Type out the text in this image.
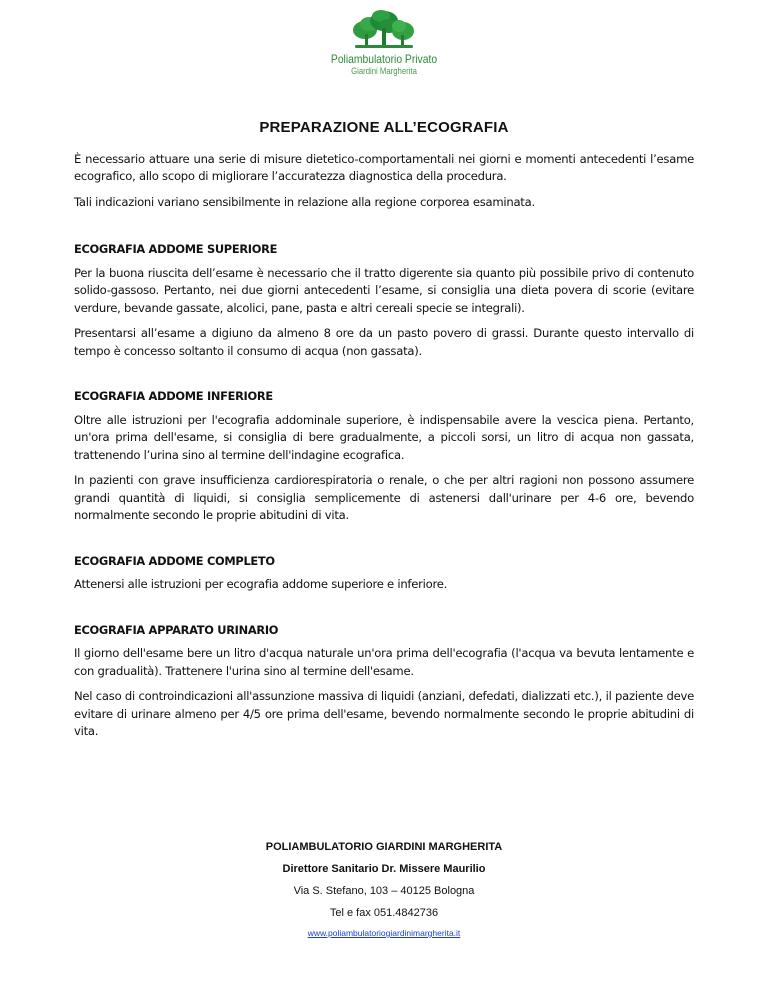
Poliambulatorio Privato
Giardini Margherita
PREPARAZIONE ALL’ECOGRAFIA

È necessario attuare una serie di misure dietetico-comportamentali nei giorni e momenti antecedenti l’esame ecografico, allo scopo di migliorare l’accuratezza diagnostica della procedura.

Tali indicazioni variano sensibilmente in relazione alla regione corporea esaminata.

ECOGRAFIA ADDOME SUPERIORE

Per la buona riuscita dell’esame è necessario che il tratto digerente sia quanto più possibile privo di contenuto solido-gassoso. Pertanto, nei due giorni antecedenti l’esame, si consiglia una dieta povera di scorie (evitare verdure, bevande gassate, alcolici, pane, pasta e altri cereali specie se integrali).

Presentarsi all’esame a digiuno da almeno 8 ore da un pasto povero di grassi. Durante questo intervallo di tempo è concesso soltanto il consumo di acqua (non gassata).

ECOGRAFIA ADDOME INFERIORE

Oltre alle istruzioni per l'ecografia addominale superiore, è indispensabile avere la vescica piena. Pertanto, un'ora prima dell'esame, si consiglia di bere gradualmente, a piccoli sorsi, un litro di acqua non gassata, trattenendo l’urina sino al termine dell'indagine ecografica.

In pazienti con grave insufficienza cardiorespiratoria o renale, o che per altri ragioni non possono assumere grandi quantità di liquidi, si consiglia semplicemente di astenersi dall'urinare per 4-6 ore, bevendo normalmente secondo le proprie abitudini di vita.

ECOGRAFIA ADDOME COMPLETO

Attenersi alle istruzioni per ecografia addome superiore e inferiore.

ECOGRAFIA APPARATO URINARIO

Il giorno dell'esame bere un litro d'acqua naturale un'ora prima dell'ecografia (l'acqua va bevuta lentamente e con gradualità). Trattenere l'urina sino al termine dell'esame.

Nel caso di controindicazioni all'assunzione massiva di liquidi (anziani, defedati, dializzati etc.), il paziente deve evitare di urinare almeno per 4/5 ore prima dell'esame, bevendo normalmente secondo le proprie abitudini di vita.

POLIAMBULATORIO GIARDINI MARGHERITA
Direttore Sanitario Dr. Missere Maurilio
Via S. Stefano, 103 – 40125 Bologna
Tel e fax 051.4842736
www.poliambulatoriogiardinimargherita.it
